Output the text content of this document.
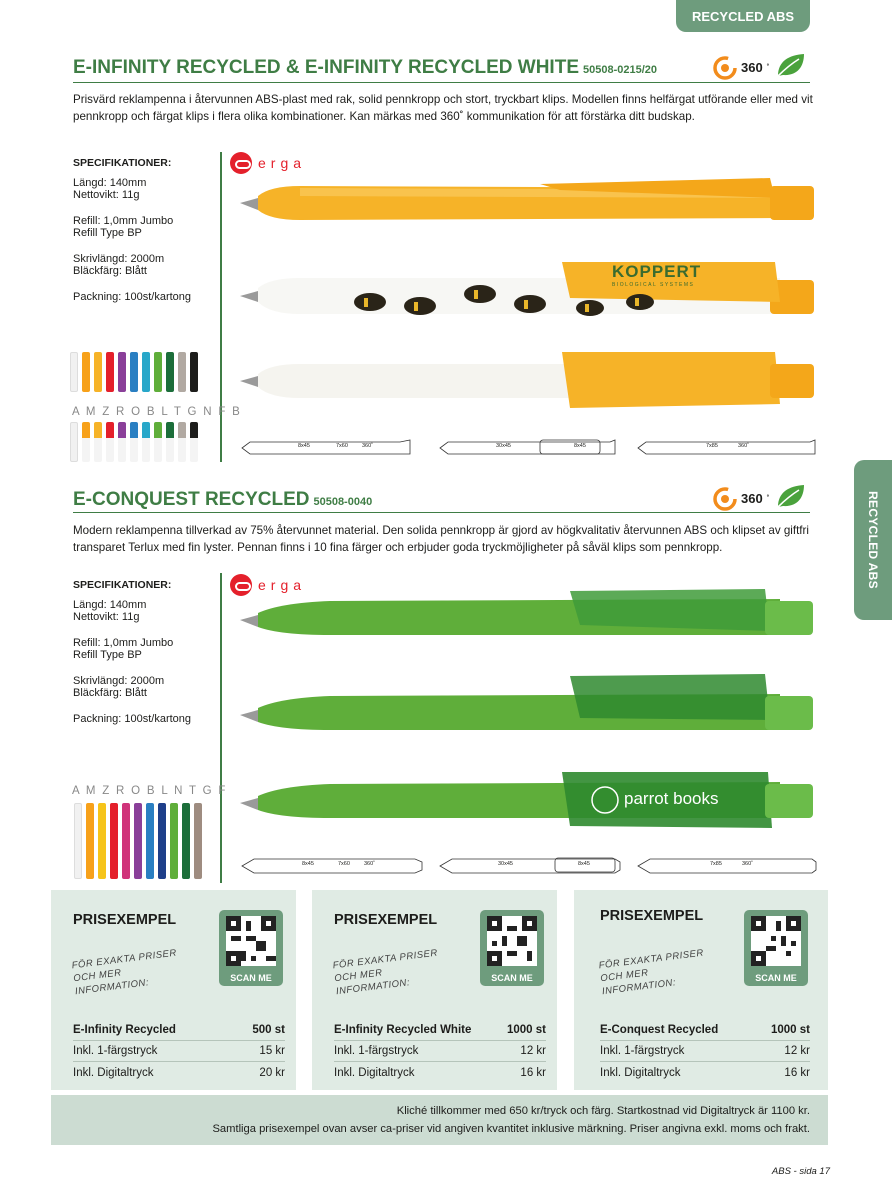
RECYCLED ABS
RECYCLED ABS
E-INFINITY RECYCLED & E-INFINITY RECYCLED WHITE 50508-0215/20	360 ˚
Prisvärd reklampenna i återvunnen ABS-plast med rak, solid pennkropp och stort, tryckbart klips. Modellen finns helfärgat utförande eller med vit pennkropp och färgat klips i flera olika kombinationer. Kan märkas med 360˚ kommunikation för att förstärka ditt budskap.
SPECIFIKATIONER:
Längd: 140mm

Nettovikt: 11g

Refill: 1,0mm Jumbo

Refill Type BP

Skrivlängd: 2000m

Bläckfärg: Blått

Packning: 100st/kartong

A M Z R O B L T G N F B
erga
KOPPERT
BIOLOGICAL SYSTEMS
8x45	7x60	360˚	30x45	8x45	7x85	360˚
E-CONQUEST RECYCLED 50508-0040	360 ˚
Modern reklampenna tillverkad av 75% återvunnet material. Den solida pennkropp är gjord av högkvalitativ återvunnen ABS och klipset av giftfri transparet Terlux med fin lyster. Pennan finns i 10 fina färger och erbjuder goda tryckmöjligheter på såväl klips som pennkropp.
SPECIFIKATIONER:
Längd: 140mm

Nettovikt: 11g

Refill: 1,0mm Jumbo

Refill Type BP

Skrivlängd: 2000m

Bläckfärg: Blått

Packning: 100st/kartong

A M Z R O B L N T G F
erga
parrot books
8x45	7x60	360˚	30x45	8x45	7x85	360˚
PRISEXEMPEL
FÖR EXAKTA PRISER OCH MER INFORMATION:	SCAN ME
E-Infinity Recycled	500 st
Inkl. 1-färgstryck	15 kr
Inkl. Digitaltryck	20 kr
PRISEXEMPEL
FÖR EXAKTA PRISER OCH MER INFORMATION:	SCAN ME
E-Infinity Recycled White	1000 st
Inkl. 1-färgstryck	12 kr
Inkl. Digitaltryck	16 kr
PRISEXEMPEL
FÖR EXAKTA PRISER OCH MER INFORMATION:	SCAN ME
E-Conquest Recycled	1000 st
Inkl. 1-färgstryck	12 kr
Inkl. Digitaltryck	16 kr

Kliché tillkommer med 650 kr/tryck och färg. Startkostnad vid Digitaltryck är 1100 kr.

Samtliga prisexempel ovan avser ca-priser vid angiven kvantitet inklusive märkning. Priser angivna exkl. moms och frakt.

ABS - sida 17
